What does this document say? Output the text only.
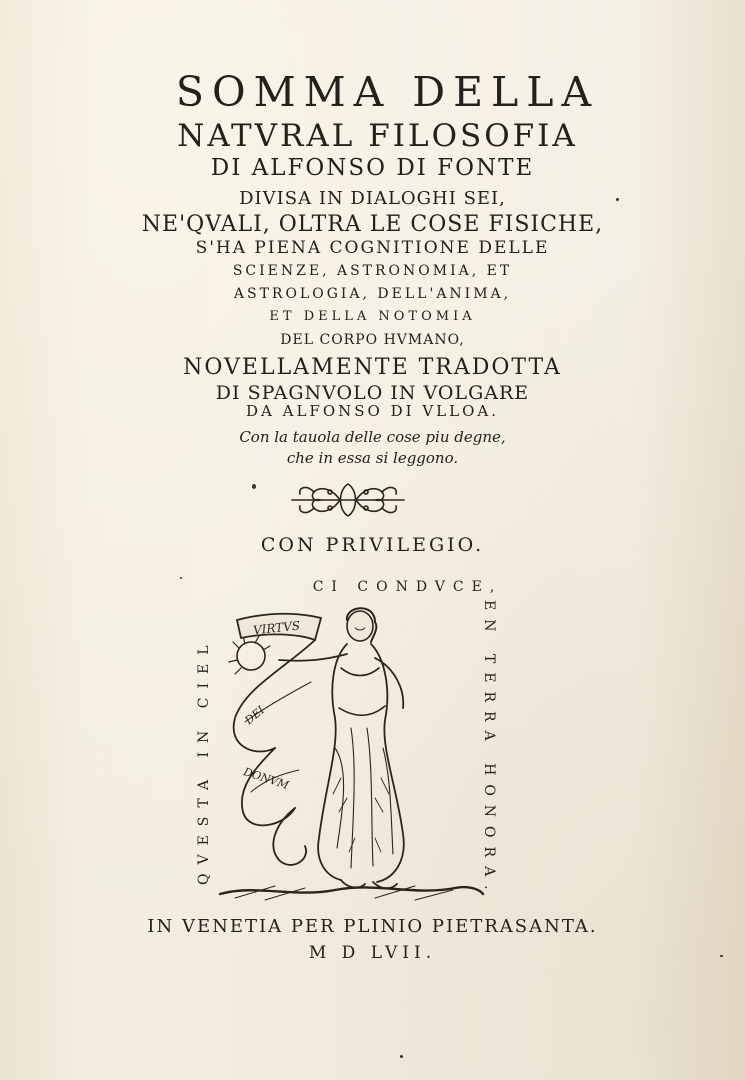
SOMMA DELLA
NATVRAL FILOSOFIA
DI ALFONSO DI FONTE
DIVISA IN DIALOGHI SEI,
NE'QVALI, OLTRA LE COSE FISICHE,
S'HA PIENA COGNITIONE DELLE
SCIENZE, ASTRONOMIA, ET
ASTROLOGIA, DELL'ANIMA,
ET DELLA NOTOMIA
DEL CORPO HVMANO,
NOVELLAMENTE TRADOTTA
DI SPAGNVOLO IN VOLGARE
DA ALFONSO DI VLLOA.
Con la tauola delle cose piu degne,
che in essa si leggono.
CON PRIVILEGIO.
CI CONDVCE,
QVESTA IN CIEL	EN TERRA HONORA.
VIRTVS
DEI
DONVM
IN VENETIA PER PLINIO PIETRASANTA.
M D LVII.
